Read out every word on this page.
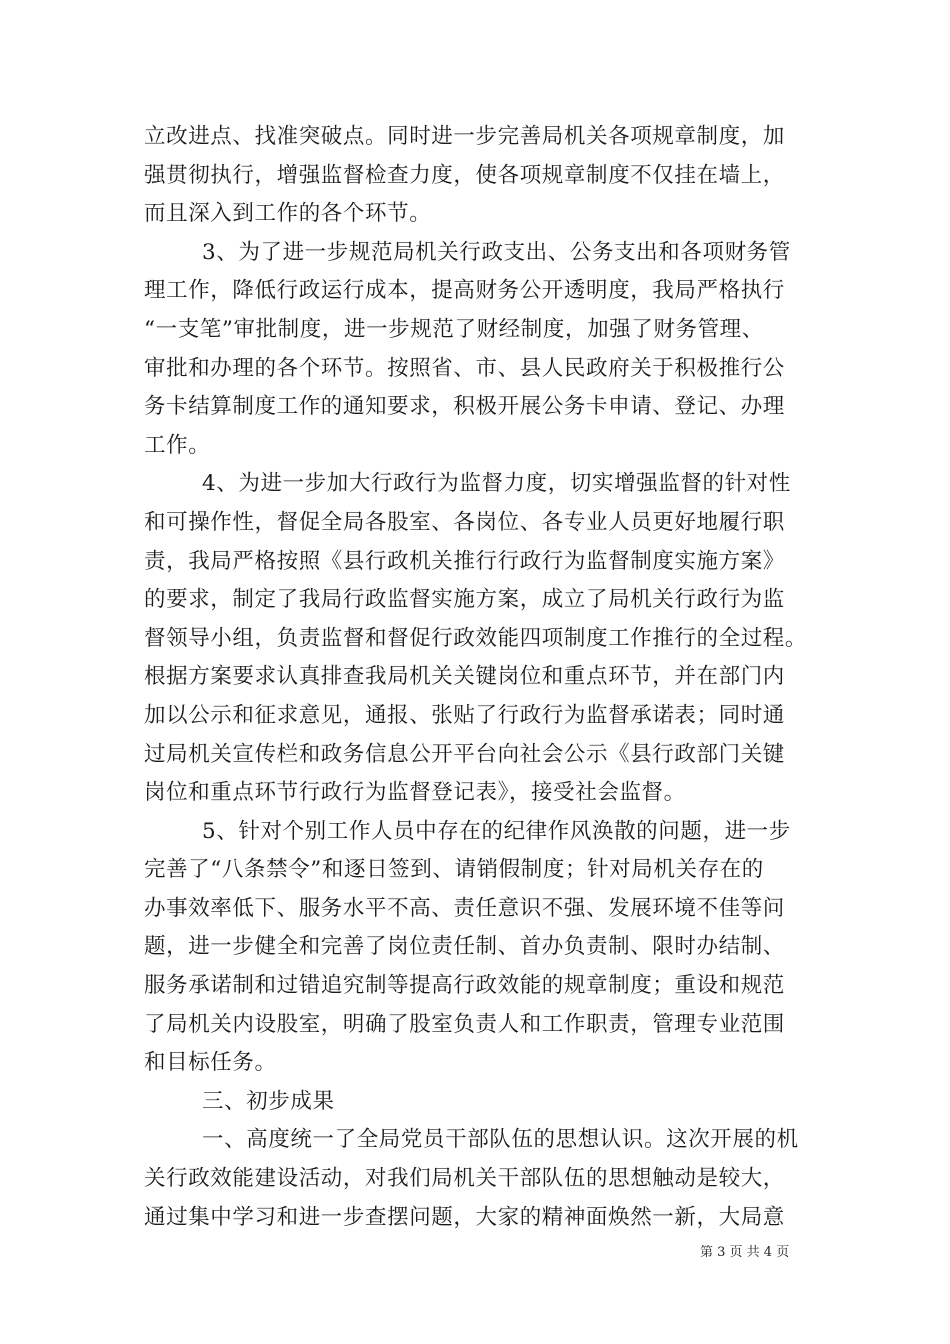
立改进点、找准突破点。同时进一步完善局机关各项规章制度，加
强贯彻执行，增强监督检查力度，使各项规章制度不仅挂在墙上，
而且深入到工作的各个环节。
3、为了进一步规范局机关行政支出、公务支出和各项财务管
理工作，降低行政运行成本，提高财务公开透明度，我局严格执行
“一支笔”审批制度，进一步规范了财经制度，加强了财务管理、
审批和办理的各个环节。按照省、市、县人民政府关于积极推行公
务卡结算制度工作的通知要求，积极开展公务卡申请、登记、办理
工作。
4、为进一步加大行政行为监督力度，切实增强监督的针对性
和可操作性，督促全局各股室、各岗位、各专业人员更好地履行职
责，我局严格按照《县行政机关推行行政行为监督制度实施方案》
的要求，制定了我局行政监督实施方案，成立了局机关行政行为监
督领导小组，负责监督和督促行政效能四项制度工作推行的全过程。
根据方案要求认真排查我局机关关键岗位和重点环节，并在部门内
加以公示和征求意见，通报、张贴了行政行为监督承诺表；同时通
过局机关宣传栏和政务信息公开平台向社会公示《县行政部门关键
岗位和重点环节行政行为监督登记表》，接受社会监督。
5、针对个别工作人员中存在的纪律作风涣散的问题，进一步
完善了“八条禁令”和逐日签到、请销假制度；针对局机关存在的
办事效率低下、服务水平不高、责任意识不强、发展环境不佳等问
题，进一步健全和完善了岗位责任制、首办负责制、限时办结制、
服务承诺制和过错追究制等提高行政效能的规章制度；重设和规范
了局机关内设股室，明确了股室负责人和工作职责，管理专业范围
和目标任务。
三、初步成果
一、高度统一了全局党员干部队伍的思想认识。这次开展的机
关行政效能建设活动，对我们局机关干部队伍的思想触动是较大，
通过集中学习和进一步查摆问题，大家的精神面焕然一新，大局意
第 3 页 共 4 页
